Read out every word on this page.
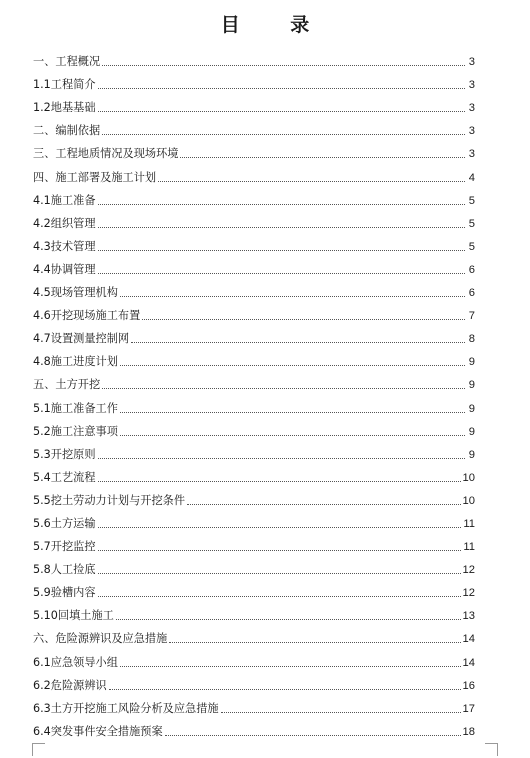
目 录
一、工程概况	3
1.1工程简介	3
1.2地基基础	3
二、编制依据	3
三、工程地质情况及现场环境	3
四、施工部署及施工计划	4
4.1施工准备	5
4.2组织管理	5
4.3技术管理	5
4.4协调管理	6
4.5现场管理机构	6
4.6开挖现场施工布置	7
4.7设置测量控制网	8
4.8施工进度计划	9
五、土方开挖	9
5.1施工准备工作	9
5.2施工注意事项	9
5.3开挖原则	9
5.4工艺流程	10
5.5挖土劳动力计划与开挖条件	10
5.6土方运输	11
5.7开挖监控	11
5.8人工捡底	12
5.9验槽内容	12
5.10回填土施工	13
六、危险源辨识及应急措施	14
6.1应急领导小组	14
6.2危险源辨识	16
6.3土方开挖施工风险分析及应急措施	17
6.4突发事件安全措施预案	18
